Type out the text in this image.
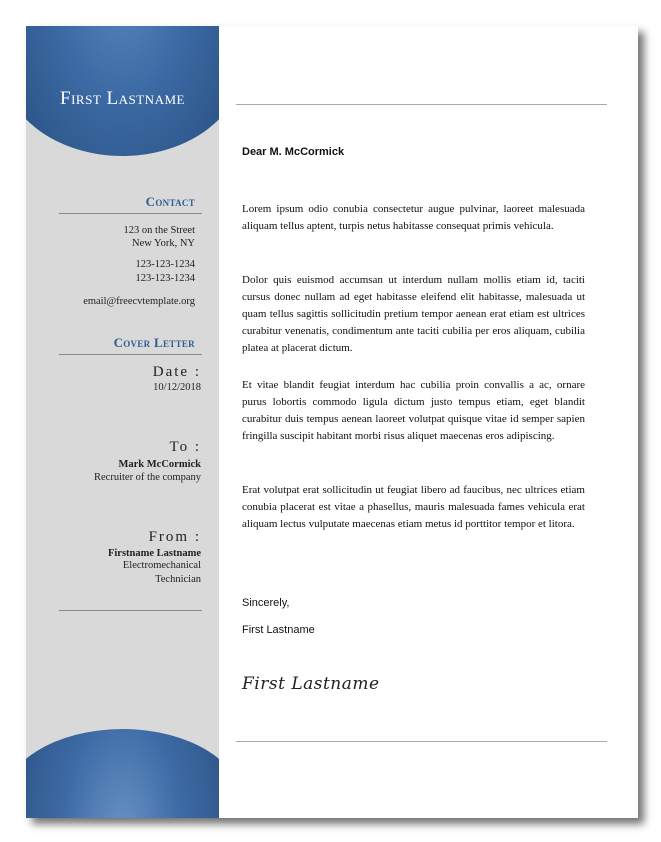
First Lastname
Contact
123 on the Street
New York, NY
123-123-1234
123-123-1234
email@freecvtemplate.org
Cover Letter
Date :
10/12/2018
To :
Mark McCormick
Recruiter of the company
From :
Firstname Lastname
Electromechanical
Technician
Dear M. McCormick

Lorem ipsum odio conubia consectetur augue pulvinar, laoreet malesuada aliquam tellus aptent, turpis netus habitasse consequat primis vehicula.

Dolor quis euismod accumsan ut interdum nullam mollis etiam id, taciti cursus donec nullam ad eget habitasse eleifend elit habitasse, malesuada ut quam tellus sagittis sollicitudin pretium tempor aenean erat etiam est ultrices curabitur venenatis, condimentum ante taciti cubilia per eros aliquam, cubilia platea at placerat dictum.

Et vitae blandit feugiat interdum hac cubilia proin convallis a ac, ornare purus lobortis commodo ligula dictum justo tempus etiam, eget blandit curabitur duis tempus aenean laoreet volutpat quisque vitae id semper sapien fringilla suscipit habitant morbi risus aliquet maecenas eros adipiscing.

Erat volutpat erat sollicitudin ut feugiat libero ad faucibus, nec ultrices etiam conubia placerat est vitae a phasellus, mauris malesuada fames vehicula erat aliquam lectus vulputate maecenas etiam metus id porttitor tempor et litora.

Sincerely,
First Lastname
First Lastname
